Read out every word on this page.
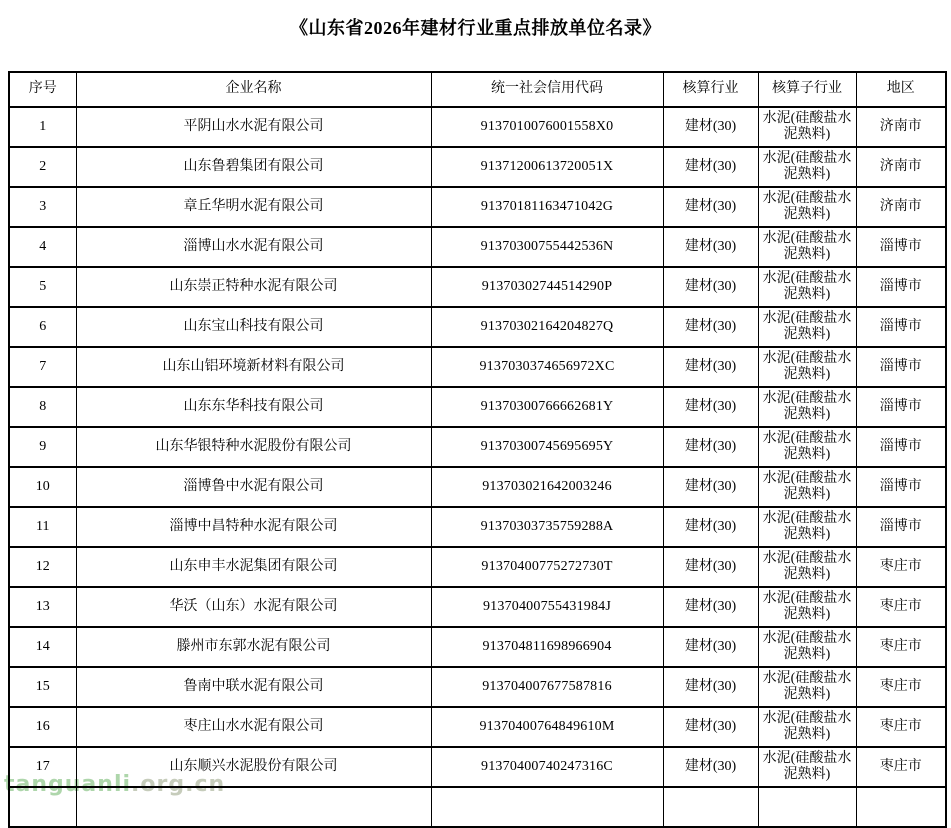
《山东省2026年建材行业重点排放单位名录》
序号	企业名称	统一社会信用代码	核算行业	核算子行业	地区
1	平阴山水水泥有限公司	9137010076001558X0	建材(30)	水泥(硅酸盐水泥熟料)	济南市
2	山东鲁碧集团有限公司	91371200613720051X	建材(30)	水泥(硅酸盐水泥熟料)	济南市
3	章丘华明水泥有限公司	91370181163471042G	建材(30)	水泥(硅酸盐水泥熟料)	济南市
4	淄博山水水泥有限公司	91370300755442536N	建材(30)	水泥(硅酸盐水泥熟料)	淄博市
5	山东崇正特种水泥有限公司	91370302744514290P	建材(30)	水泥(硅酸盐水泥熟料)	淄博市
6	山东宝山科技有限公司	91370302164204827Q	建材(30)	水泥(硅酸盐水泥熟料)	淄博市
7	山东山铝环境新材料有限公司	9137030374656972XC	建材(30)	水泥(硅酸盐水泥熟料)	淄博市
8	山东东华科技有限公司	91370300766662681Y	建材(30)	水泥(硅酸盐水泥熟料)	淄博市
9	山东华银特种水泥股份有限公司	91370300745695695Y	建材(30)	水泥(硅酸盐水泥熟料)	淄博市
10	淄博鲁中水泥有限公司	913703021642003246	建材(30)	水泥(硅酸盐水泥熟料)	淄博市
11	淄博中昌特种水泥有限公司	91370303735759288A	建材(30)	水泥(硅酸盐水泥熟料)	淄博市
12	山东申丰水泥集团有限公司	91370400775272730T	建材(30)	水泥(硅酸盐水泥熟料)	枣庄市
13	华沃（山东）水泥有限公司	91370400755431984J	建材(30)	水泥(硅酸盐水泥熟料)	枣庄市
14	滕州市东郭水泥有限公司	913704811698966904	建材(30)	水泥(硅酸盐水泥熟料)	枣庄市
15	鲁南中联水泥有限公司	913704007677587816	建材(30)	水泥(硅酸盐水泥熟料)	枣庄市
16	枣庄山水水泥有限公司	91370400764849610M	建材(30)	水泥(硅酸盐水泥熟料)	枣庄市
17	山东顺兴水泥股份有限公司	91370400740247316C	建材(30)	水泥(硅酸盐水泥熟料)	枣庄市

tanguanli.org.cn
